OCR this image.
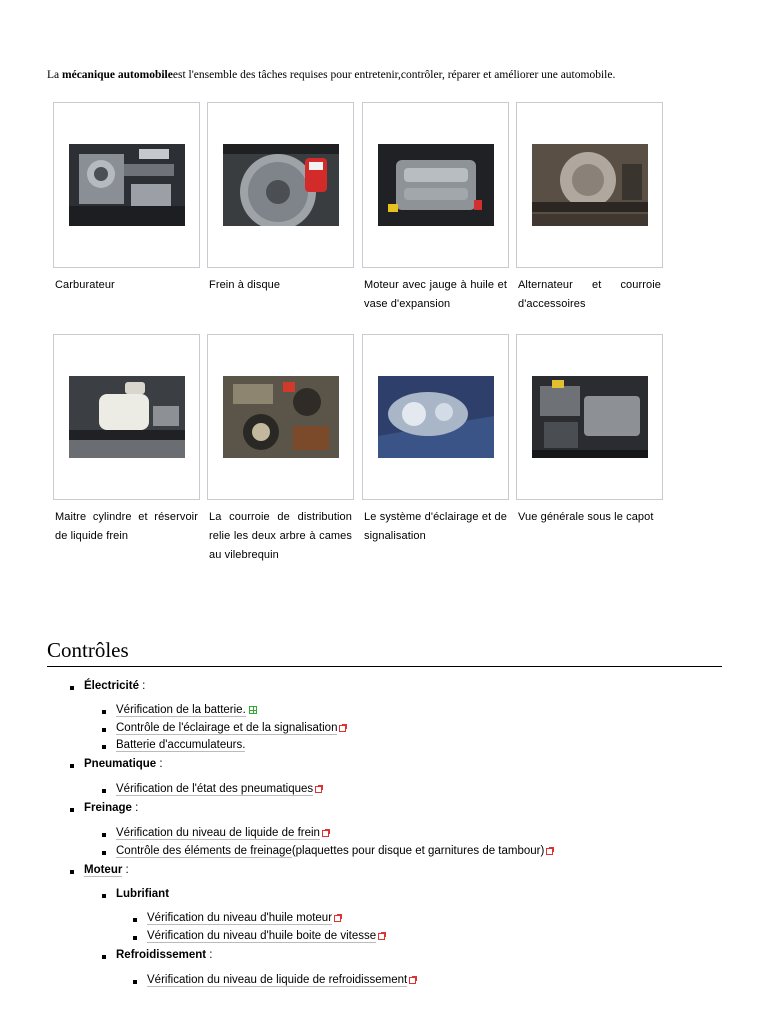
La mécanique automobileest l'ensemble des tâches requises pour entretenir,contrôler, réparer et améliorer une automobile.
Carburateur	Frein à disque	Moteur avec jauge à huile et vase d'expansion
Alternateur et courroie d'accessoires
Maitre cylindre et réservoir de liquide frein
La courroie de distribution relie les deux arbre à cames au vilebrequin
Le système d'éclairage et de signalisation
Vue générale sous le capot
Contrôles
Électricité :
Vérification de la batterie.
Contrôle de l'éclairage et de la signalisation
Batterie d'accumulateurs.
Pneumatique :
Vérification de l'état des pneumatiques
Freinage :
Vérification du niveau de liquide de frein
Contrôle des éléments de freinage(plaquettes pour disque et garnitures de tambour)
Moteur :
Lubrifiant
Vérification du niveau d'huile moteur
Vérification du niveau d'huile boite de vitesse
Refroidissement :
Vérification du niveau de liquide de refroidissement
